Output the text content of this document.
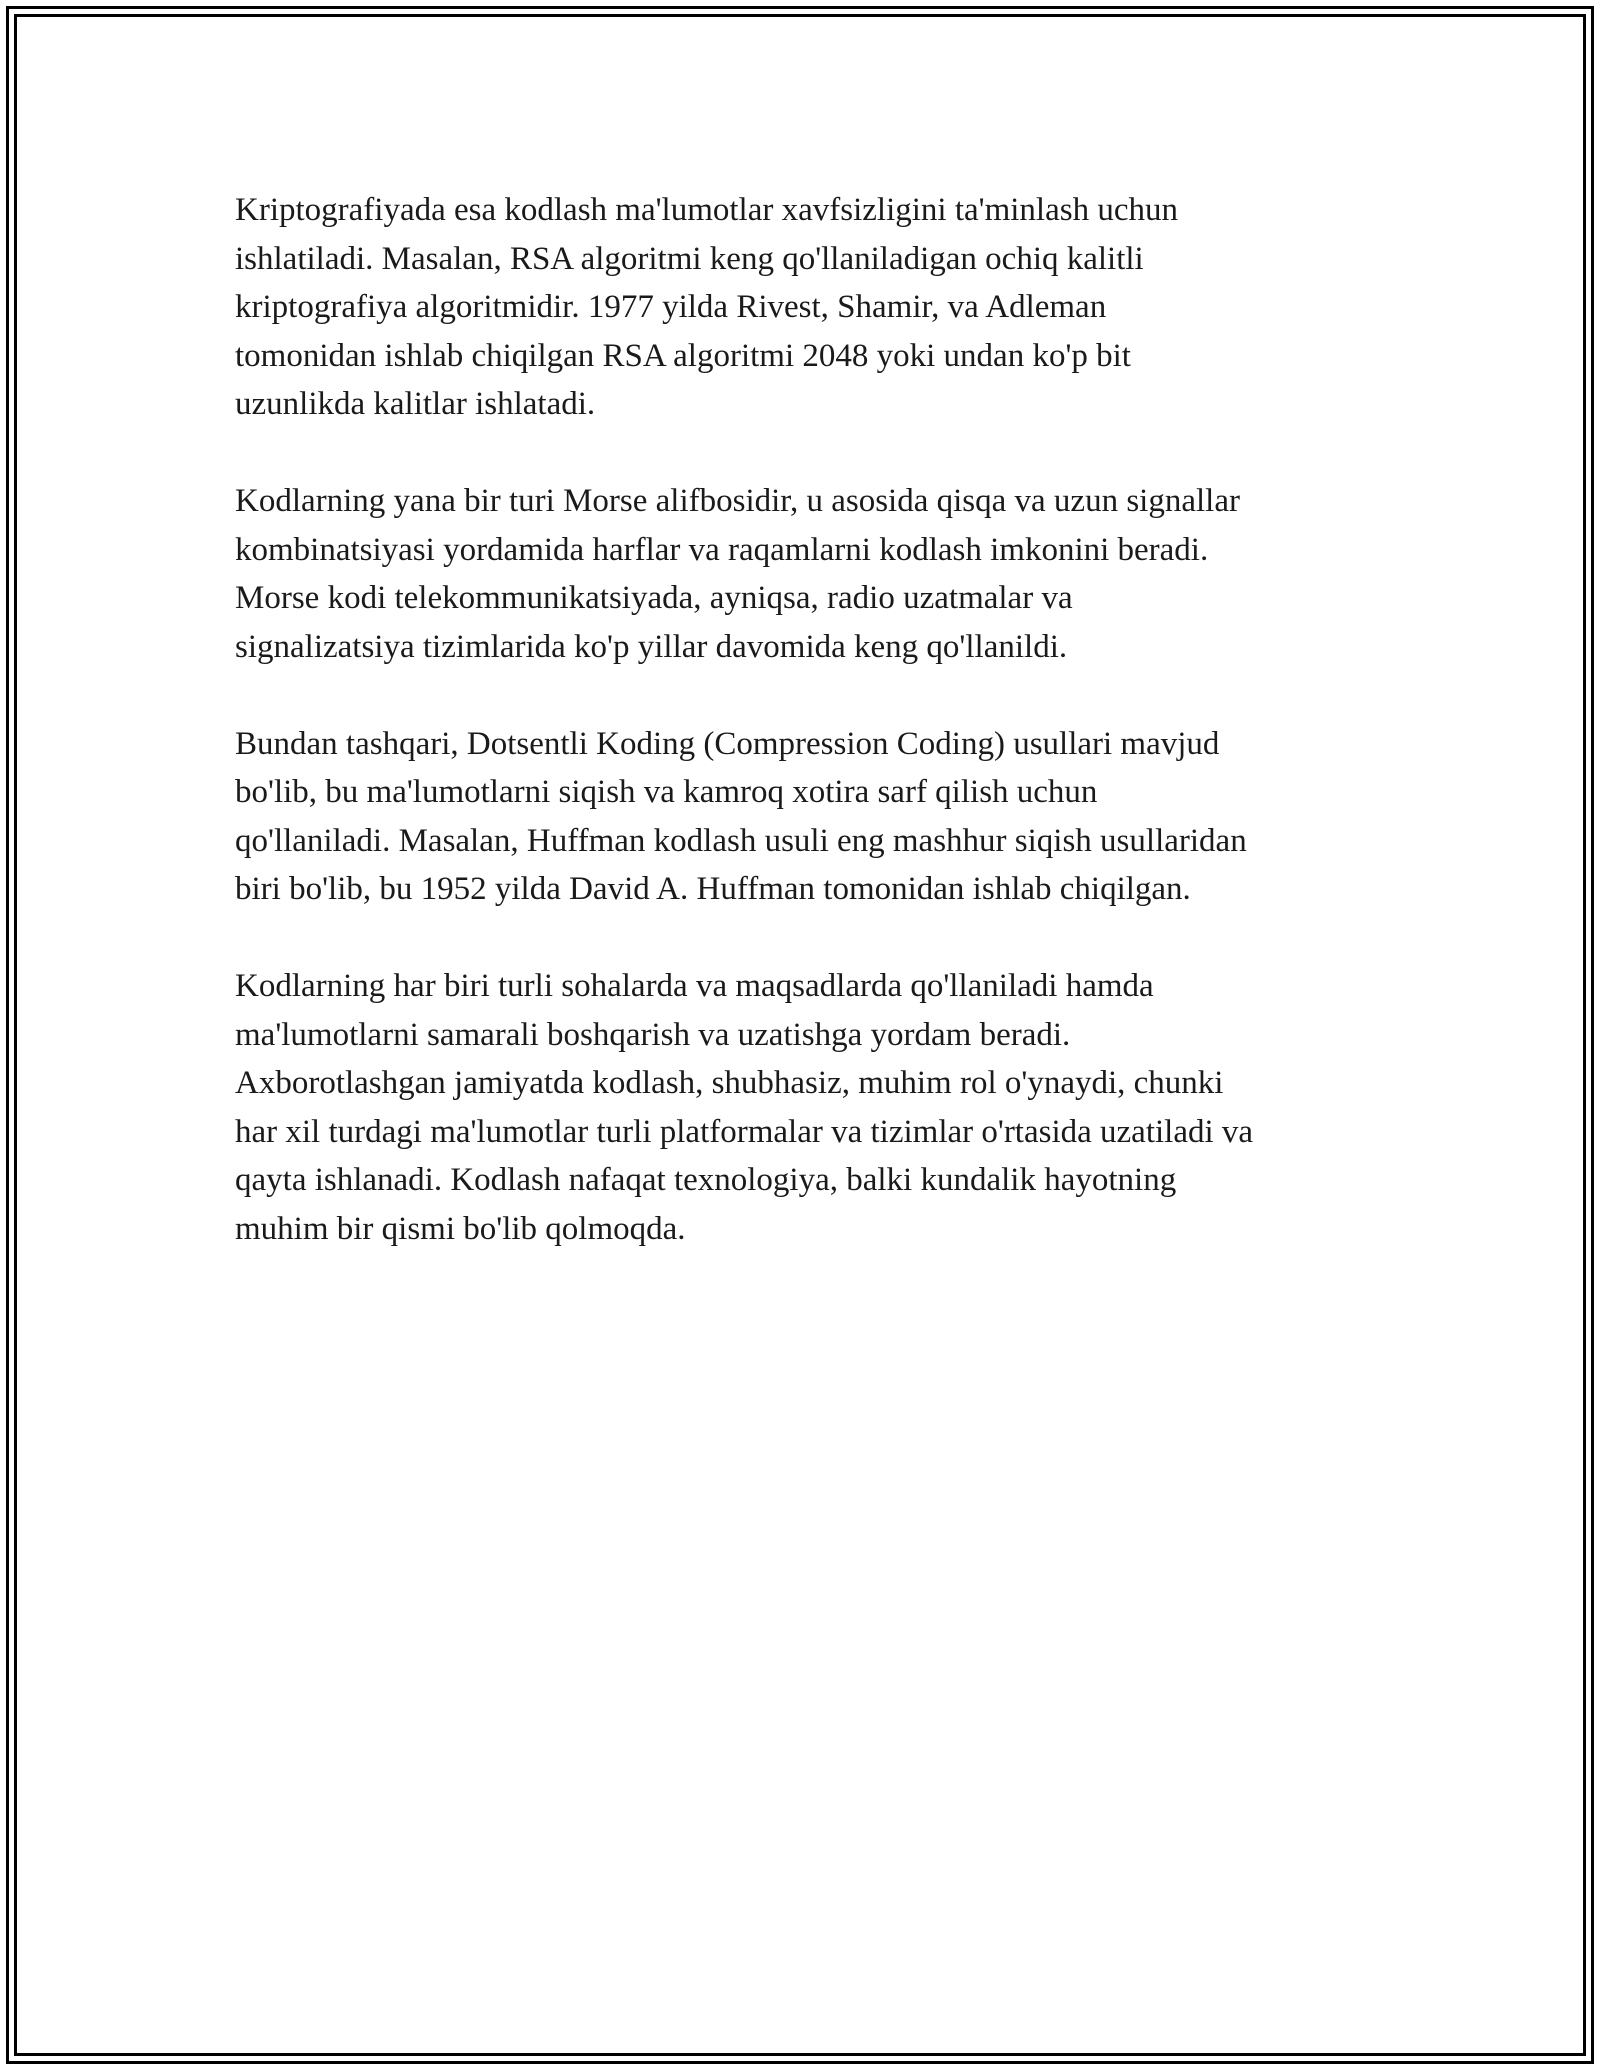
Kriptografiyada esa kodlash ma'lumotlar xavfsizligini ta'minlash uchun
ishlatiladi. Masalan, RSA algoritmi keng qo'llaniladigan ochiq kalitli
kriptografiya algoritmidir. 1977 yilda Rivest, Shamir, va Adleman
tomonidan ishlab chiqilgan RSA algoritmi 2048 yoki undan ko'p bit
uzunlikda kalitlar ishlatadi.

Kodlarning yana bir turi Morse alifbosidir, u asosida qisqa va uzun signallar
kombinatsiyasi yordamida harflar va raqamlarni kodlash imkonini beradi.
Morse kodi telekommunikatsiyada, ayniqsa, radio uzatmalar va
signalizatsiya tizimlarida ko'p yillar davomida keng qo'llanildi.

Bundan tashqari, Dotsentli Koding (Compression Coding) usullari mavjud
bo'lib, bu ma'lumotlarni siqish va kamroq xotira sarf qilish uchun
qo'llaniladi. Masalan, Huffman kodlash usuli eng mashhur siqish usullaridan
biri bo'lib, bu 1952 yilda David A. Huffman tomonidan ishlab chiqilgan.

Kodlarning har biri turli sohalarda va maqsadlarda qo'llaniladi hamda
ma'lumotlarni samarali boshqarish va uzatishga yordam beradi.
Axborotlashgan jamiyatda kodlash, shubhasiz, muhim rol o'ynaydi, chunki
har xil turdagi ma'lumotlar turli platformalar va tizimlar o'rtasida uzatiladi va
qayta ishlanadi. Kodlash nafaqat texnologiya, balki kundalik hayotning
muhim bir qismi bo'lib qolmoqda.
